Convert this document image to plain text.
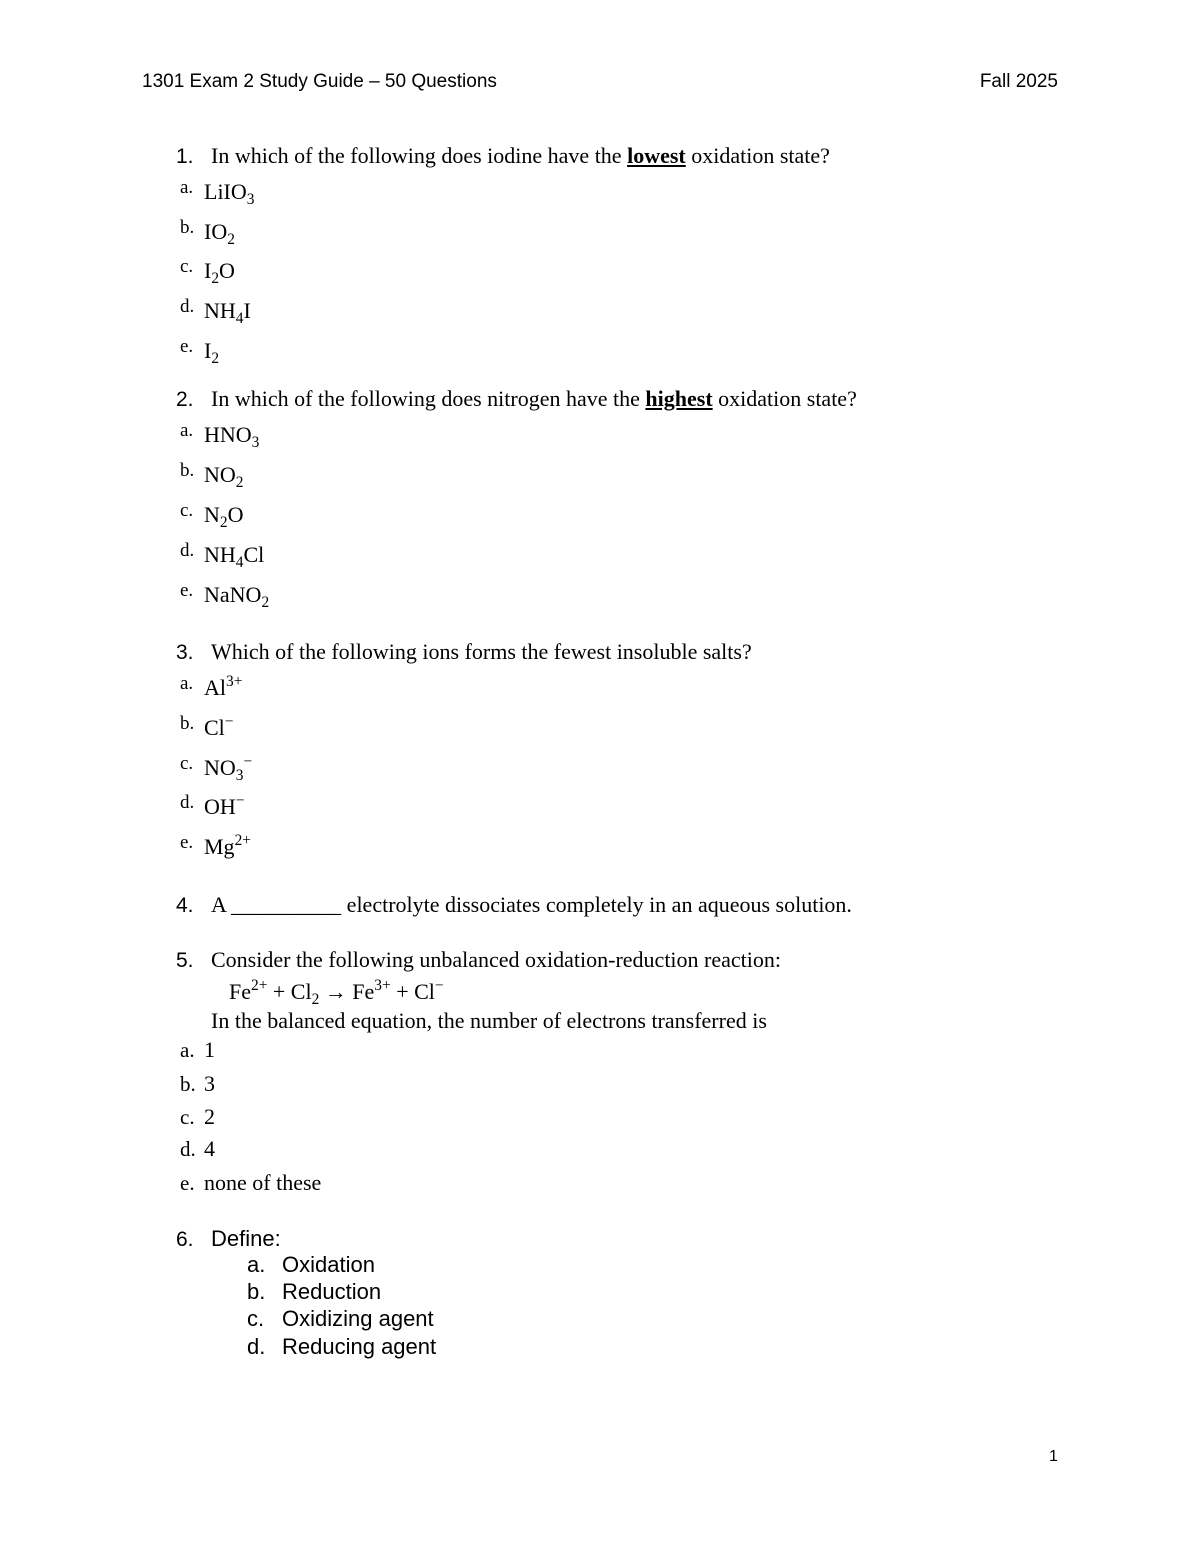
1301 Exam 2 Study Guide – 50 Questions	Fall 2025
1. In which of the following does iodine have the lowest oxidation state?
a. LiIO$_3$
b. $IO_2$
c. $I_2O$
d. $NH_4I$
e. $I_2$
2. In which of the following does nitrogen have the highest oxidation state?
a. $HNO_3$
b. $NO_2$
c. $N_2O$
d. $NH_4Cl$
e. NaNO$_2$
3. Which of the following ions forms the fewest insoluble salts?
a. $Al^{3+}$
b. Cl−
c. $NO_3^-$
d. OH−
e. $Mg^{2+}$
4. A __________ electrolyte dissociates completely in an aqueous solution.
5. Consider the following unbalanced oxidation-reduction reaction:
$Fe^{2+} + Cl_2 \to Fe^{3+} + Cl^-$
In the balanced equation, the number of electrons transferred is
a. 1
b. 3
c. 2
d. 4
e. none of these
6. Define:
a. Oxidation
b. Reduction
c. Oxidizing agent
d. Reducing agent
1
